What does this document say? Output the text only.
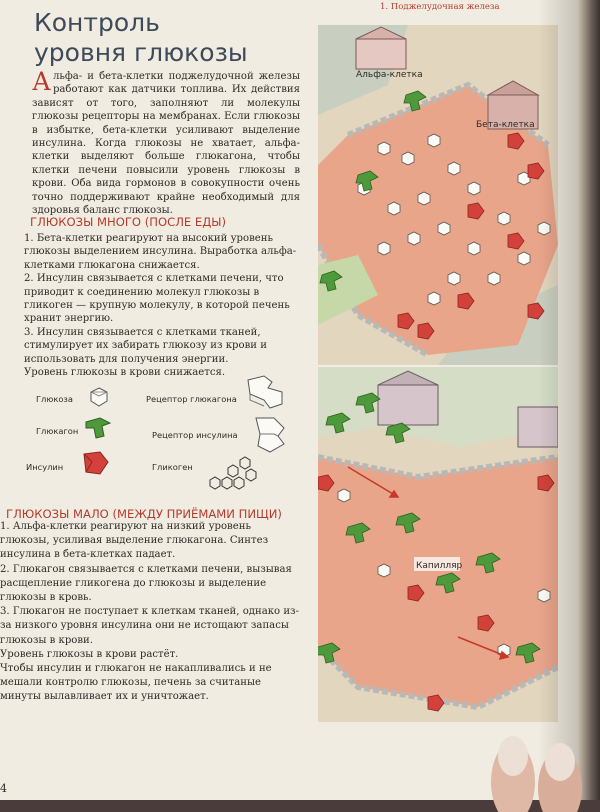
1. Поджелудочная железа
Контроль
уровня глюкозы
Альфа- и бета-клетки поджелудочной железы работают как датчики топлива. Их действия зависят от того, заполняют ли молекулы глюкозы рецепторы на мембранах. Если глюкозы в избытке, бета-клетки усиливают выделение инсулина. Когда глюкозы не хватает, альфа-клетки выделяют больше глюкагона, чтобы клетки печени повысили уровень глюкозы в крови. Оба вида гормонов в совокупности очень точно поддерживают крайне необходимый для здоровья баланс глюкозы.
ГЛЮКОЗЫ МНОГО (ПОСЛЕ ЕДЫ)

1. Бета-клетки реагируют на высокий уровень глюкозы выделением инсулина. Выработка альфа-клетками глюкагона снижается.

2. Инсулин связывается с клетками печени, что приводит к соединению молекул глюкозы в гликоген — крупную молекулу, в которой печень хранит энергию.

3. Инсулин связывается с клетками тканей, стимулирует их забирать глюкозу из крови и использовать для получения энергии.

Уровень глюкозы в крови снижается.

Глюкоза
Глюкагон
Инсулин
Рецептор глюкагона
Рецептор инсулина
Гликоген
ГЛЮКОЗЫ МАЛО (МЕЖДУ ПРИЁМАМИ ПИЩИ)

1. Альфа-клетки реагируют на низкий уровень глюкозы, усиливая выделение глюкагона. Синтез инсулина в бета-клетках падает.

2. Глюкагон связывается с клетками печени, вызывая расщепление гликогена до глюкозы и выделение глюкозы в кровь.

3. Глюкагон не поступает к клеткам тканей, однако из-за низкого уровня инсулина они не истощают запасы глюкозы в крови.

Уровень глюкозы в крови растёт.

Чтобы инсулин и глюкагон не накапливались и не мешали контролю глюкозы, печень за считаные минуты вылавливает их и уничтожает.

Альфа-клетка
Бета-клетка
Капилляр
4
